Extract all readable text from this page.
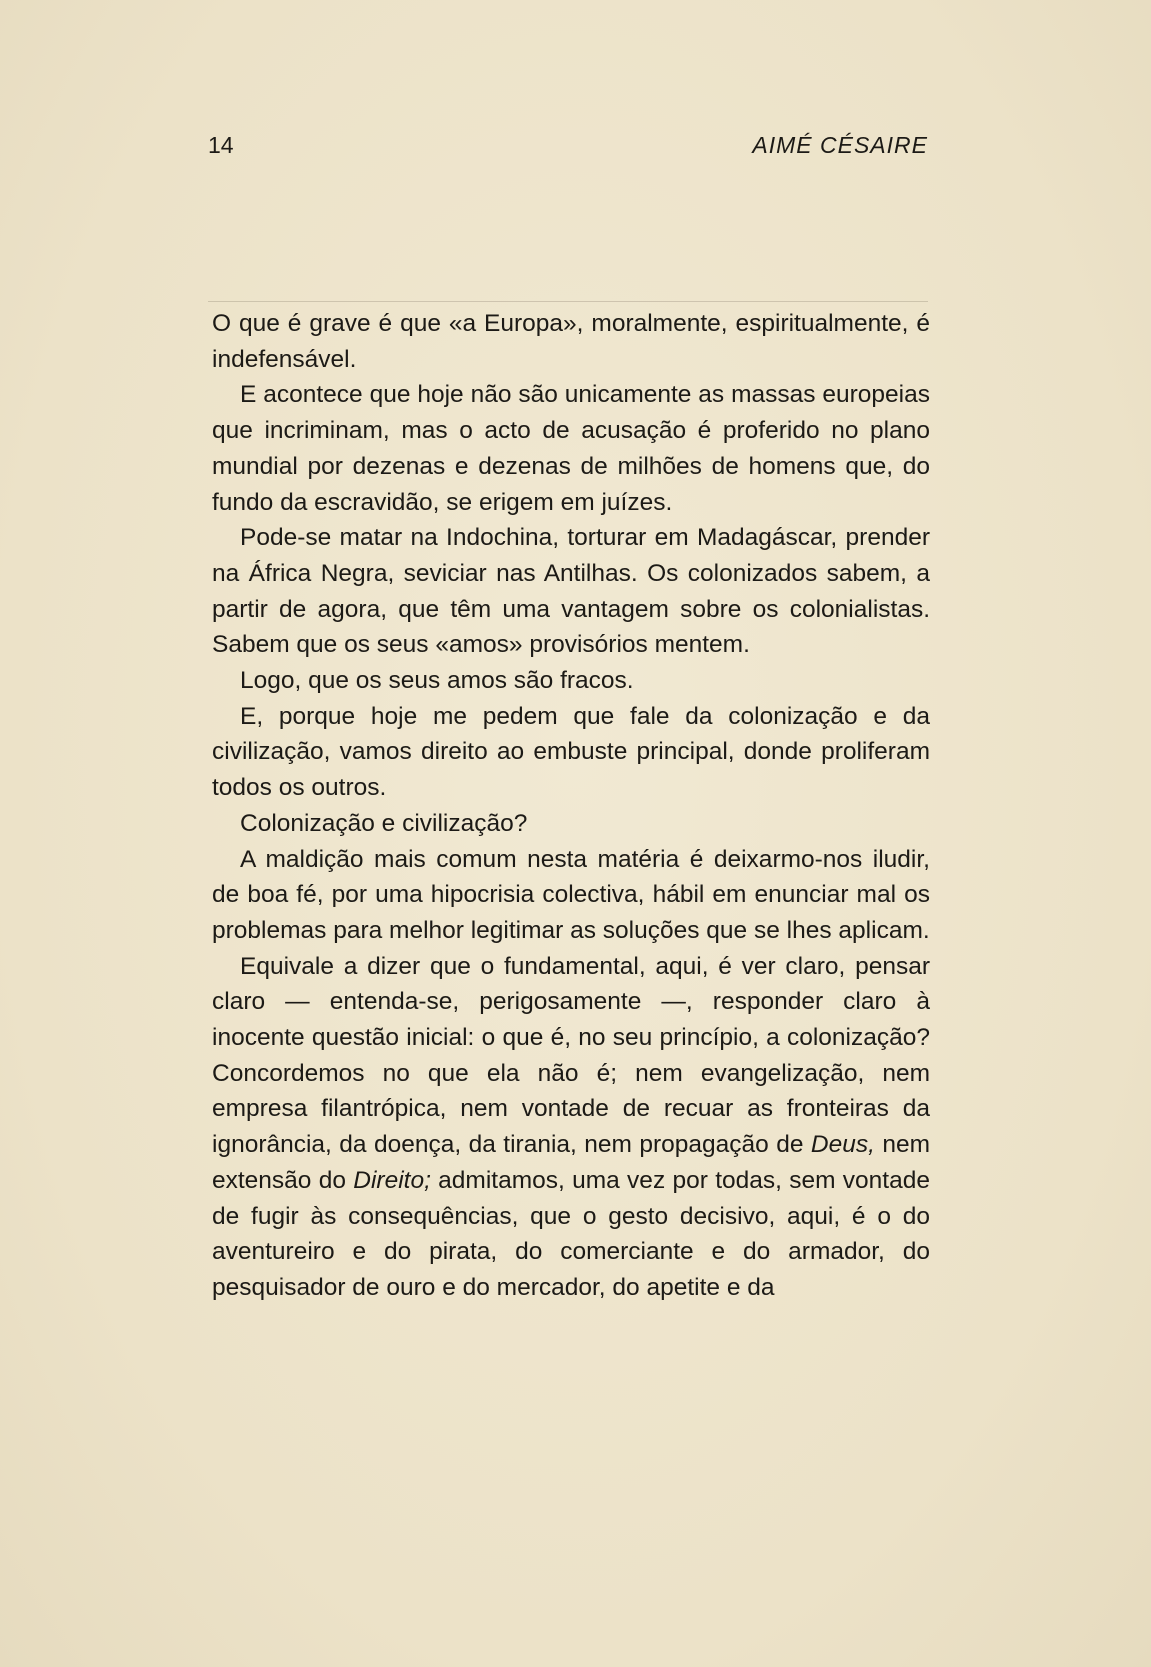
14	AIMÉ CÉSAIRE

O que é grave é que «a Europa», moralmente, espiritualmente, é indefensável.

E acontece que hoje não são unicamente as massas europeias que incriminam, mas o acto de acusação é proferido no plano mundial por dezenas e dezenas de milhões de homens que, do fundo da escravidão, se erigem em juízes.

Pode-se matar na Indochina, torturar em Madagáscar, prender na África Negra, seviciar nas Antilhas. Os colonizados sabem, a partir de agora, que têm uma vantagem sobre os colonialistas. Sabem que os seus «amos» provisórios mentem.

Logo, que os seus amos são fracos.

E, porque hoje me pedem que fale da colonização e da civilização, vamos direito ao embuste principal, donde proliferam todos os outros.

Colonização e civilização?

A maldição mais comum nesta matéria é deixarmo-nos iludir, de boa fé, por uma hipocrisia colectiva, hábil em enunciar mal os problemas para melhor legitimar as soluções que se lhes aplicam.

Equivale a dizer que o fundamental, aqui, é ver claro, pensar claro — entenda-se, perigosamente —, responder claro à inocente questão inicial: o que é, no seu princípio, a colonização? Concordemos no que ela não é; nem evangelização, nem empresa filantrópica, nem vontade de recuar as fronteiras da ignorância, da doença, da tirania, nem propagação de Deus, nem extensão do Direito; admitamos, uma vez por todas, sem vontade de fugir às consequências, que o gesto decisivo, aqui, é o do aventureiro e do pirata, do comerciante e do armador, do pesquisador de ouro e do mercador, do apetite e da
